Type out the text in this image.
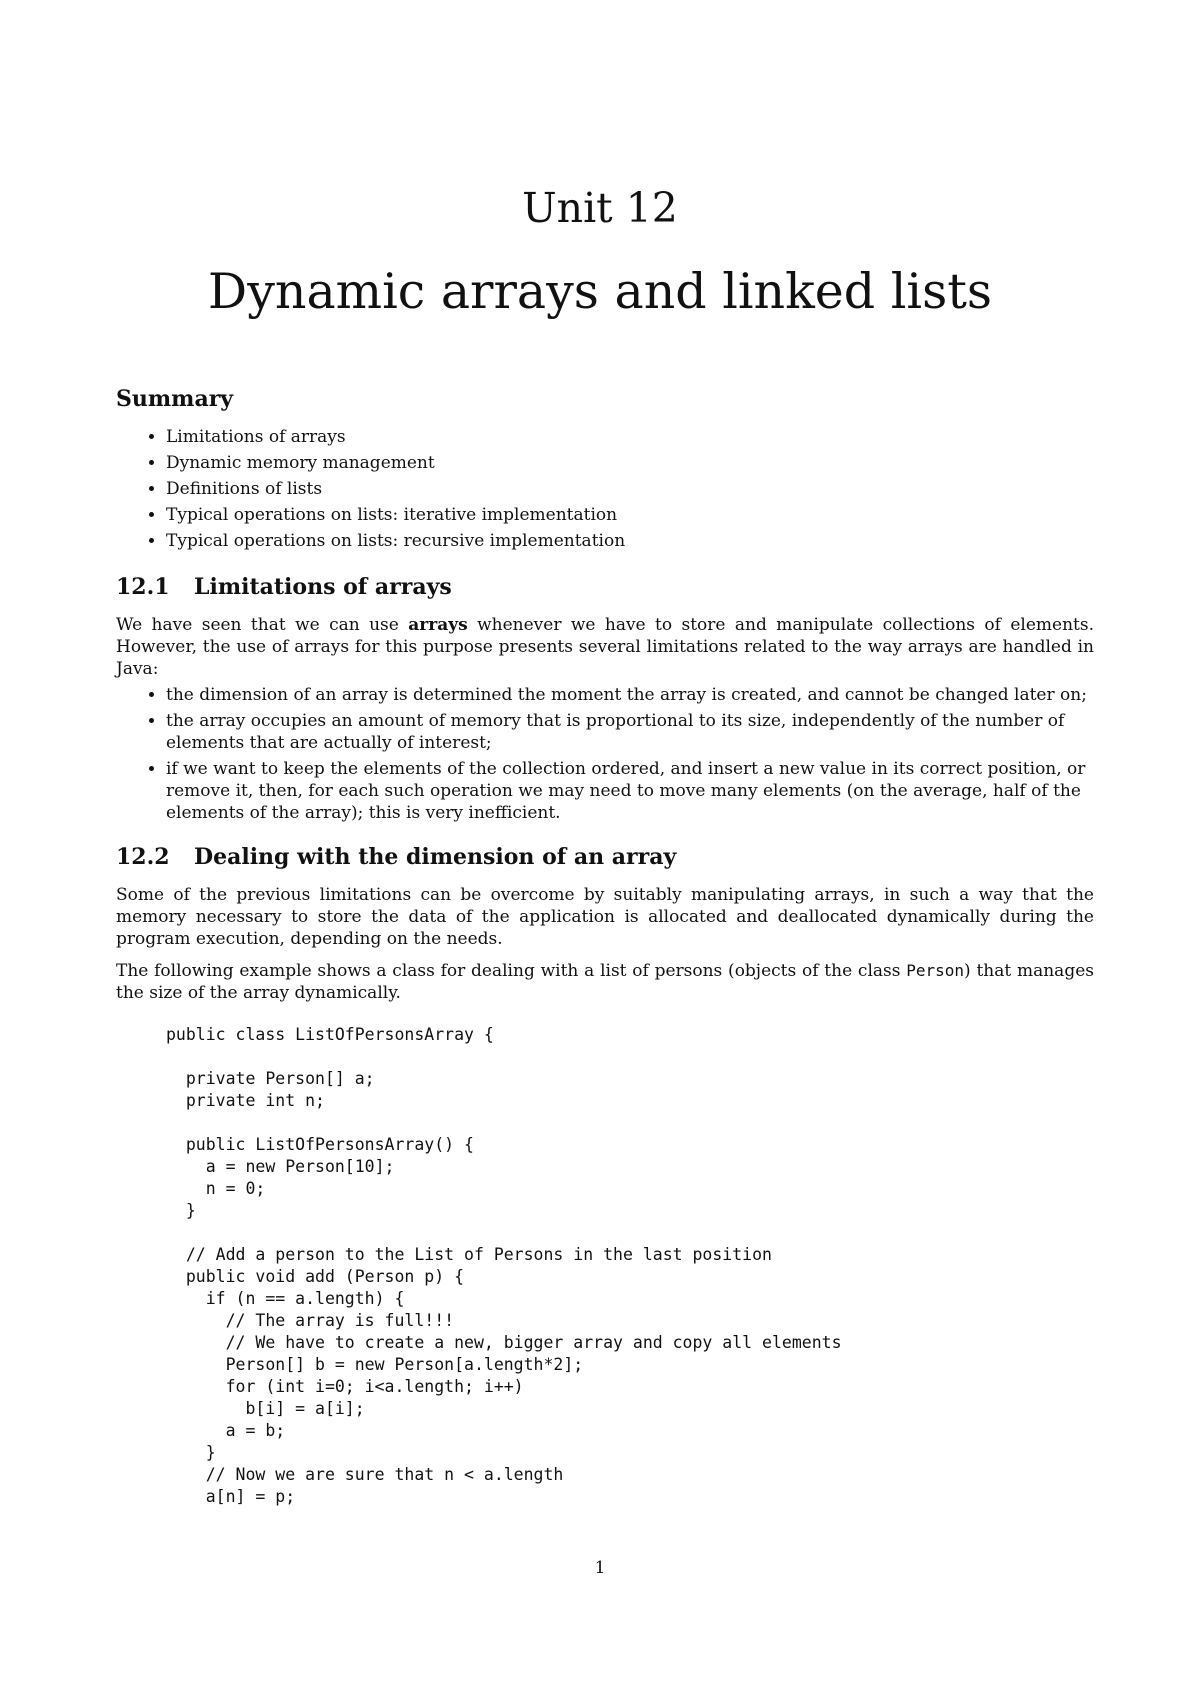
Unit 12
Dynamic arrays and linked lists
Summary
• Limitations of arrays
• Dynamic memory management
• Definitions of lists
• Typical operations on lists: iterative implementation
• Typical operations on lists: recursive implementation
12.1 Limitations of arrays

We have seen that we can use arrays whenever we have to store and manipulate collections of elements. However, the use of arrays for this purpose presents several limitations related to the way arrays are handled in Java:

• the dimension of an array is determined the moment the array is created, and cannot be changed later on;
• the array occupies an amount of memory that is proportional to its size, independently of the number of elements that are actually of interest;
• if we want to keep the elements of the collection ordered, and insert a new value in its correct position, or remove it, then, for each such operation we may need to move many elements (on the average, half of the elements of the array); this is very inefficient.
12.2 Dealing with the dimension of an array

Some of the previous limitations can be overcome by suitably manipulating arrays, in such a way that the memory necessary to store the data of the application is allocated and deallocated dynamically during the program execution, depending on the needs.

The following example shows a class for dealing with a list of persons (objects of the class Person) that manages the size of the array dynamically.

public class ListOfPersonsArray {

private Person[] a;
private int n;

public ListOfPersonsArray() {
a = new Person[10];
n = 0;
}

// Add a person to the List of Persons in the last position
public void add (Person p) {
if (n == a.length) {
// The array is full!!!
// We have to create a new, bigger array and copy all elements
Person[] b = new Person[a.length*2];
for (int i=0; i<a.length; i++)
b[i] = a[i];
a = b;
}
// Now we are sure that n < a.length
a[n] = p;
1
